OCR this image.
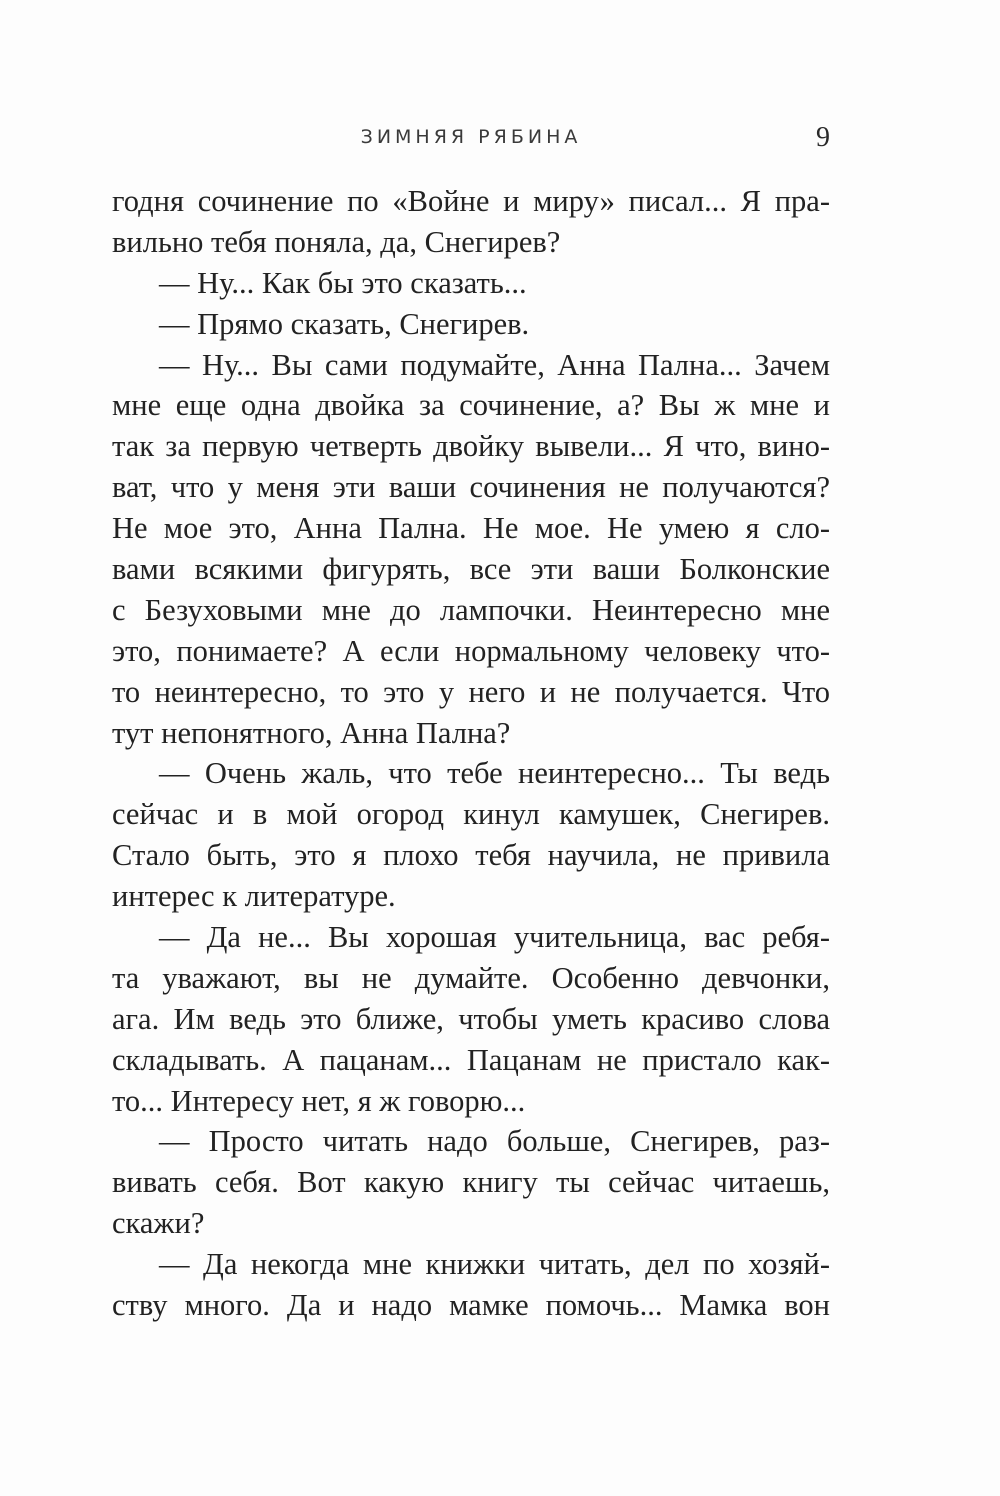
ЗИМНЯЯ РЯБИНА	9
годня сочинение по «Войне и миру» писал... Я пра-
вильно тебя поняла, да, Снегирев?
— Ну... Как бы это сказать...
— Прямо сказать, Снегирев.
— Ну... Вы сами подумайте, Анна Пална... Зачем
мне еще одна двойка за сочинение, а? Вы ж мне и
так за первую четверть двойку вывели... Я что, вино-
ват, что у меня эти ваши сочинения не получаются?
Не мое это, Анна Пална. Не мое. Не умею я сло-
вами всякими фигурять, все эти ваши Болконские
с Безуховыми мне до лампочки. Неинтересно мне
это, понимаете? А если нормальному человеку что-
то неинтересно, то это у него и не получается. Что
тут непонятного, Анна Пална?
— Очень жаль, что тебе неинтересно... Ты ведь
сейчас и в мой огород кинул камушек, Снегирев.
Стало быть, это я плохо тебя научила, не привила
интерес к литературе.
— Да не... Вы хорошая учительница, вас ребя-
та уважают, вы не думайте. Особенно девчонки,
ага. Им ведь это ближе, чтобы уметь красиво слова
складывать. А пацанам... Пацанам не пристало как-
то... Интересу нет, я ж говорю...
— Просто читать надо больше, Снегирев, раз-
вивать себя. Вот какую книгу ты сейчас читаешь,
скажи?
— Да некогда мне книжки читать, дел по хозяй-
ству много. Да и надо мамке помочь... Мамка вон
